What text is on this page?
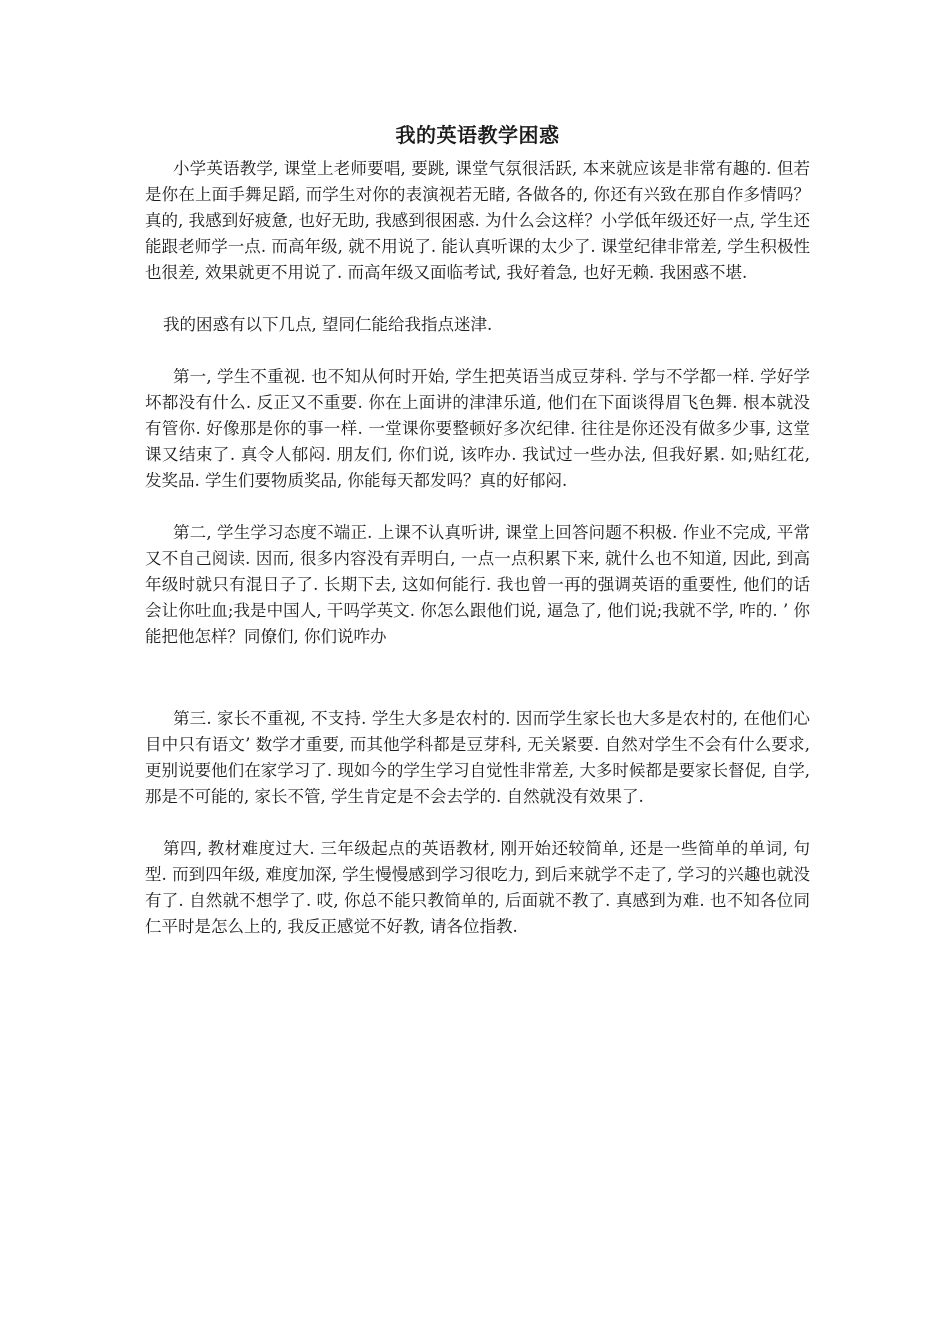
我的英语教学困惑

小学英语教学, 课堂上老师要唱, 要跳, 课堂气氛很活跃, 本来就应该是非常有趣的. 但若是你在上面手舞足蹈, 而学生对你的表演视若无睹, 各做各的, 你还有兴致在那自作多情吗？真的, 我感到好疲惫, 也好无助, 我感到很困惑. 为什么会这样？小学低年级还好一点, 学生还能跟老师学一点. 而高年级, 就不用说了. 能认真听课的太少了. 课堂纪律非常差, 学生积极性也很差, 效果就更不用说了. 而高年级又面临考试, 我好着急, 也好无赖. 我困惑不堪.

我的困惑有以下几点, 望同仁能给我指点迷津.

第一, 学生不重视. 也不知从何时开始, 学生把英语当成豆芽科. 学与不学都一样. 学好学坏都没有什么. 反正又不重要. 你在上面讲的津津乐道, 他们在下面谈得眉飞色舞. 根本就没有管你. 好像那是你的事一样. 一堂课你要整顿好多次纪律. 往往是你还没有做多少事, 这堂课又结束了. 真令人郁闷. 朋友们, 你们说, 该咋办. 我试过一些办法, 但我好累. 如;贴红花, 发奖品. 学生们要物质奖品, 你能每天都发吗？真的好郁闷.

第二, 学生学习态度不端正. 上课不认真听讲, 课堂上回答问题不积极. 作业不完成, 平常又不自己阅读. 因而, 很多内容没有弄明白, 一点一点积累下来, 就什么也不知道, 因此, 到高年级时就只有混日子了. 长期下去, 这如何能行. 我也曾一再的强调英语的重要性, 他们的话会让你吐血;我是中国人, 干吗学英文. 你怎么跟他们说, 逼急了, 他们说;我就不学, 咋的. ’ 你能把他怎样？同僚们, 你们说咋办

第三. 家长不重视, 不支持. 学生大多是农村的. 因而学生家长也大多是农村的, 在他们心目中只有语文’ 数学才重要, 而其他学科都是豆芽科, 无关紧要. 自然对学生不会有什么要求, 更别说要他们在家学习了. 现如今的学生学习自觉性非常差, 大多时候都是要家长督促, 自学, 那是不可能的, 家长不管, 学生肯定是不会去学的. 自然就没有效果了.

第四, 教材难度过大. 三年级起点的英语教材, 刚开始还较简单, 还是一些简单的单词, 句型. 而到四年级, 难度加深, 学生慢慢感到学习很吃力, 到后来就学不走了, 学习的兴趣也就没有了. 自然就不想学了. 哎, 你总不能只教简单的, 后面就不教了. 真感到为难. 也不知各位同仁平时是怎么上的, 我反正感觉不好教, 请各位指教.
